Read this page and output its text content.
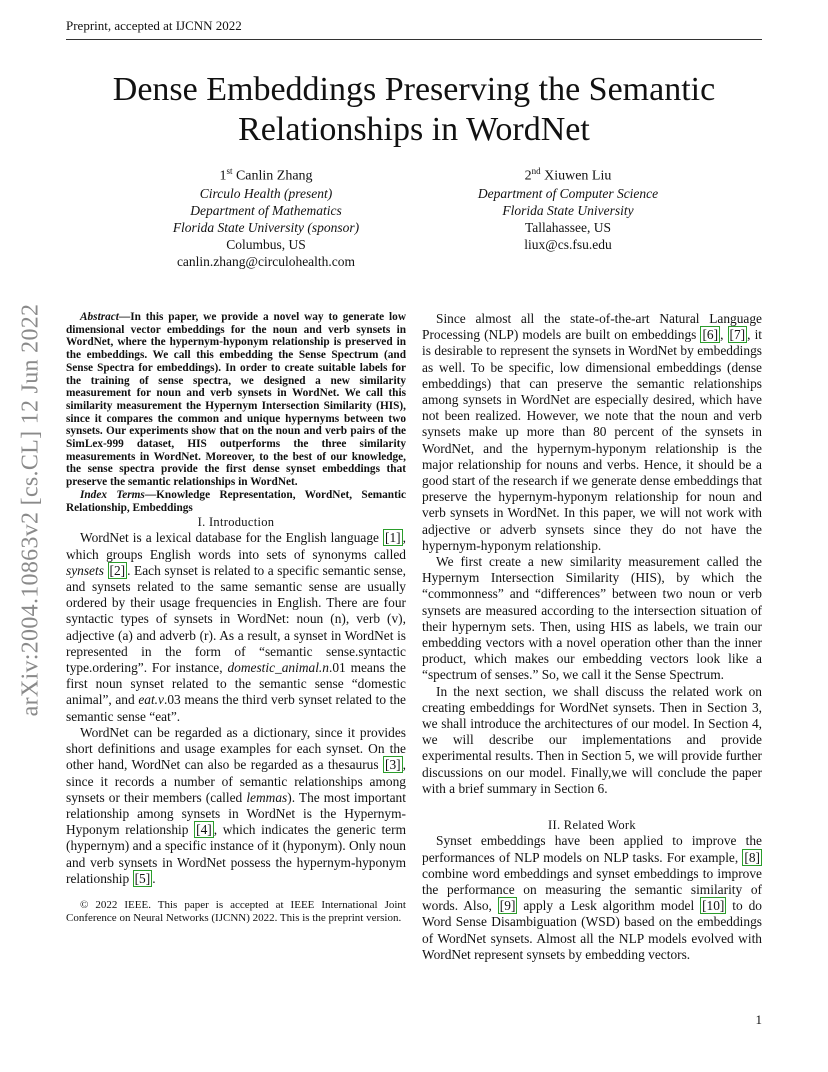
Preprint, accepted at IJCNN 2022
arXiv:2004.10863v2 [cs.CL] 12 Jun 2022
Dense Embeddings Preserving the Semantic
Relationships in WordNet
1st Canlin Zhang
Circulo Health (present)
Department of Mathematics
Florida State University (sponsor)
Columbus, US
canlin.zhang@circulohealth.com
2nd Xiuwen Liu
Department of Computer Science
Florida State University
Tallahassee, US
liux@cs.fsu.edu

Abstract—In this paper, we provide a novel way to generate low dimensional vector embeddings for the noun and verb synsets in WordNet, where the hypernym-hyponym relationship is preserved in the embeddings. We call this embedding the Sense Spectrum (and Sense Spectra for embeddings). In order to create suitable labels for the training of sense spectra, we designed a new similarity measurement for noun and verb synsets in WordNet. We call this similarity measurement the Hypernym Intersection Similarity (HIS), since it compares the common and unique hypernyms between two synsets. Our experiments show that on the noun and verb pairs of the SimLex-999 dataset, HIS outperforms the three similarity measurements in WordNet. Moreover, to the best of our knowledge, the sense spectra provide the first dense synset embeddings that preserve the semantic relationships in WordNet.

Index Terms—Knowledge Representation, WordNet, Semantic Relationship, Embeddings

I. Introduction

WordNet is a lexical database for the English language [1] , which groups English words into sets of synonyms called synsets [2] . Each synset is related to a specific semantic sense, and synsets related to the same semantic sense are usually ordered by their usage frequencies in English. There are four syntactic types of synsets in WordNet: noun (n), verb (v), adjective (a) and adverb (r). As a result, a synset in WordNet is represented in the form of “semantic sense.syntactic type.ordering”. For instance, domestic_animal.n.01 means the first noun synset related to the semantic sense “domestic animal”, and eat.v.03 means the third verb synset related to the semantic sense “eat”.

WordNet can be regarded as a dictionary, since it provides short definitions and usage examples for each synset. On the other hand, WordNet can also be regarded as a thesaurus [3] , since it records a number of semantic relationships among synsets or their members (called lemmas). The most important relationship among synsets in WordNet is the Hypernym-Hyponym relationship [4] , which indicates the generic term (hypernym) and a specific instance of it (hyponym). Only noun and verb synsets in WordNet possess the hypernym-hyponym relationship [5] .

© 2022 IEEE. This paper is accepted at IEEE International Joint Conference on Neural Networks (IJCNN) 2022. This is the preprint version.

Since almost all the state-of-the-art Natural Language Processing (NLP) models are built on embeddings [6] , [7] , it is desirable to represent the synsets in WordNet by embeddings as well. To be specific, low dimensional embeddings (dense embeddings) that can preserve the semantic relationships among synsets in WordNet are especially desired, which have not been realized. However, we note that the noun and verb synsets make up more than 80 percent of the synsets in WordNet, and the hypernym-hyponym relationship is the major relationship for nouns and verbs. Hence, it should be a good start of the research if we generate dense embeddings that preserve the hypernym-hyponym relationship for noun and verb synsets in WordNet. In this paper, we will not work with adjective or adverb synsets since they do not have the hypernym-hyponym relationship.

We first create a new similarity measurement called the Hypernym Intersection Similarity (HIS), by which the “commonness” and “differences” between two noun or verb synsets are measured according to the intersection situation of their hypernym sets. Then, using HIS as labels, we train our embedding vectors with a novel operation other than the inner product, which makes our embedding vectors look like a “spectrum of senses.” So, we call it the Sense Spectrum.

In the next section, we shall discuss the related work on creating embeddings for WordNet synsets. Then in Section 3, we shall introduce the architectures of our model. In Section 4, we will describe our implementations and provide experimental results. Then in Section 5, we will provide further discussions on our model. Finally,we will conclude the paper with a brief summary in Section 6.

II. Related Work

Synset embeddings have been applied to improve the performances of NLP models on NLP tasks. For example, [8] combine word embeddings and synset embeddings to improve the performance on measuring the semantic similarity of words. Also, [9] apply a Lesk algorithm model [10] to do Word Sense Disambiguation (WSD) based on the embeddings of WordNet synsets. Almost all the NLP models evolved with WordNet represent synsets by embedding vectors.

1
